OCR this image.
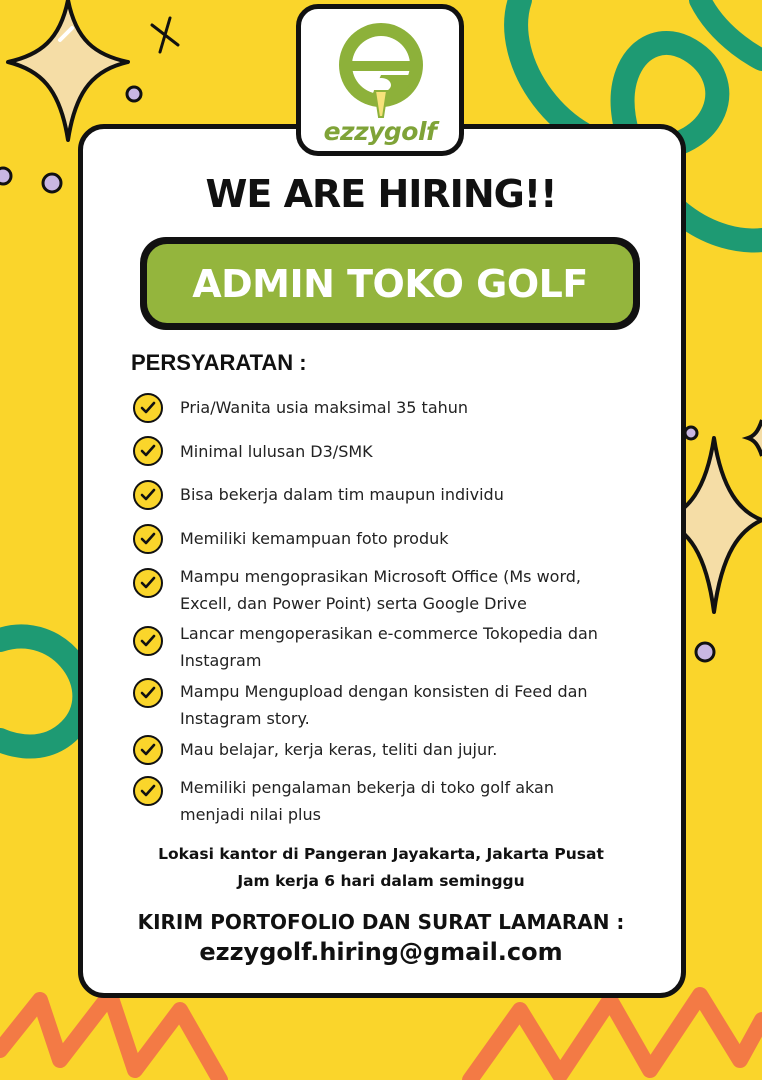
ezzygolf
WE ARE HIRING!!
ADMIN TOKO GOLF
PERSYARATAN :
Pria/Wanita usia maksimal 35 tahun
Minimal lulusan D3/SMK
Bisa bekerja dalam tim maupun individu
Memiliki kemampuan foto produk
Mampu mengoprasikan Microsoft Office (Ms word,
Excell, dan Power Point) serta Google Drive
Lancar mengoperasikan e-commerce Tokopedia dan
Instagram
Mampu Mengupload dengan konsisten di Feed dan
Instagram story.
Mau belajar, kerja keras, teliti dan jujur.
Memiliki pengalaman bekerja di toko golf akan
menjadi nilai plus
Lokasi kantor di Pangeran Jayakarta, Jakarta Pusat
Jam kerja 6 hari dalam seminggu
KIRIM PORTOFOLIO DAN SURAT LAMARAN :
ezzygolf.hiring@gmail.com
